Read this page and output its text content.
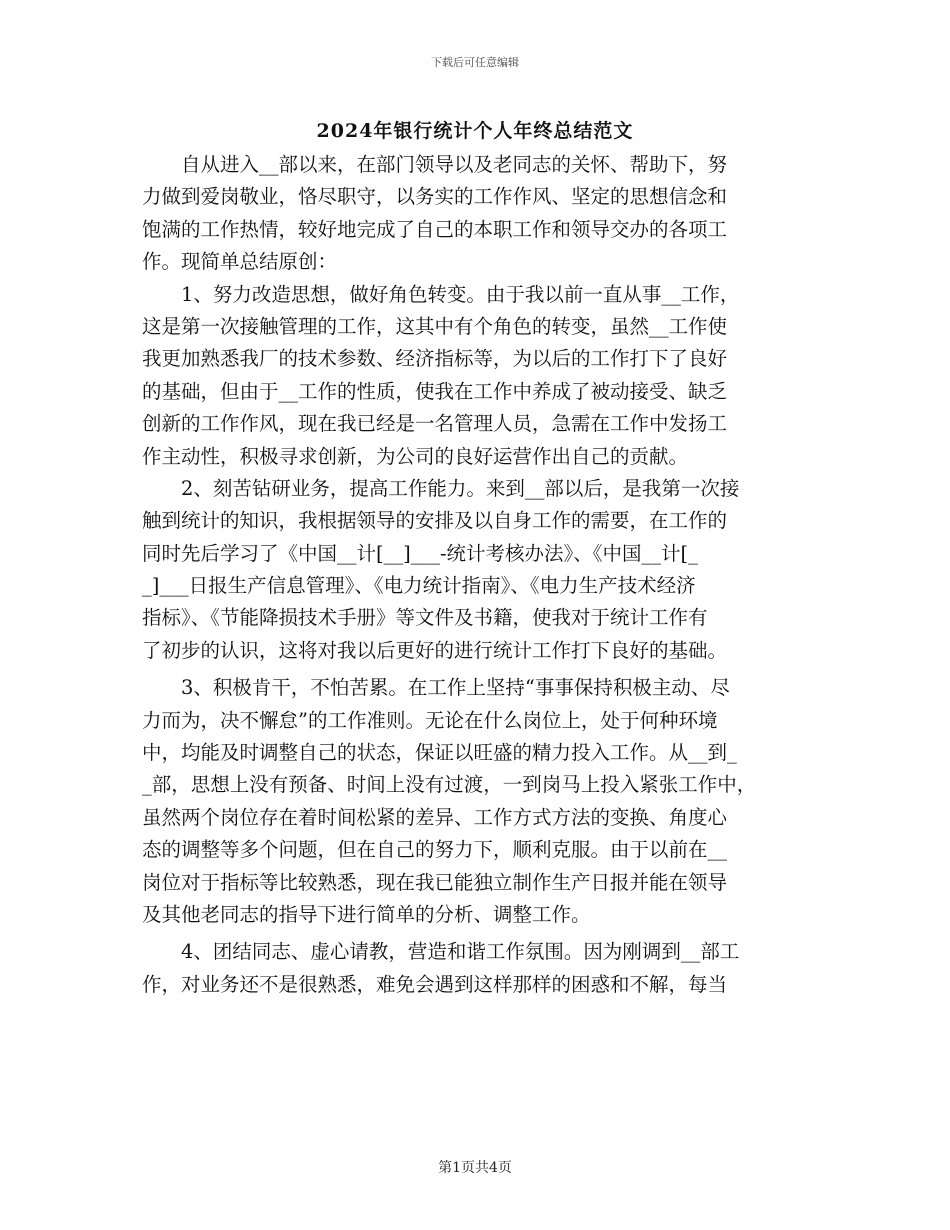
下载后可任意编辑
2024年银行统计个人年终总结范文
　　自从进入__部以来，在部门领导以及老同志的关怀、帮助下，努
力做到爱岗敬业，恪尽职守，以务实的工作作风、坚定的思想信念和
饱满的工作热情，较好地完成了自己的本职工作和领导交办的各项工
作。现简单总结原创：
　　1、努力改造思想，做好角色转变。由于我以前一直从事__工作，
这是第一次接触管理的工作，这其中有个角色的转变，虽然__工作使
我更加熟悉我厂的技术参数、经济指标等，为以后的工作打下了良好
的基础，但由于__工作的性质，使我在工作中养成了被动接受、缺乏
创新的工作作风，现在我已经是一名管理人员，急需在工作中发扬工
作主动性，积极寻求创新，为公司的良好运营作出自己的贡献。
　　2、刻苦钻研业务，提高工作能力。来到__部以后，是我第一次接
触到统计的知识，我根据领导的安排及以自身工作的需要，在工作的
同时先后学习了《中国__计[__]___-统计考核办法》、《中国__计[_
_]___日报生产信息管理》、《电力统计指南》、《电力生产技术经济
指标》、《节能降损技术手册》等文件及书籍，使我对于统计工作有
了初步的认识，这将对我以后更好的进行统计工作打下良好的基础。
　　3、积极肯干，不怕苦累。在工作上坚持“事事保持积极主动、尽
力而为，决不懈怠”的工作准则。无论在什么岗位上，处于何种环境
中，均能及时调整自己的状态，保证以旺盛的精力投入工作。从__到_
_部，思想上没有预备、时间上没有过渡，一到岗马上投入紧张工作中，
虽然两个岗位存在着时间松紧的差异、工作方式方法的变换、角度心
态的调整等多个问题，但在自己的努力下，顺利克服。由于以前在__
岗位对于指标等比较熟悉，现在我已能独立制作生产日报并能在领导
及其他老同志的指导下进行简单的分析、调整工作。
　　4、团结同志、虚心请教，营造和谐工作氛围。因为刚调到__部工
作，对业务还不是很熟悉，难免会遇到这样那样的困惑和不解，每当
第1页共4页
